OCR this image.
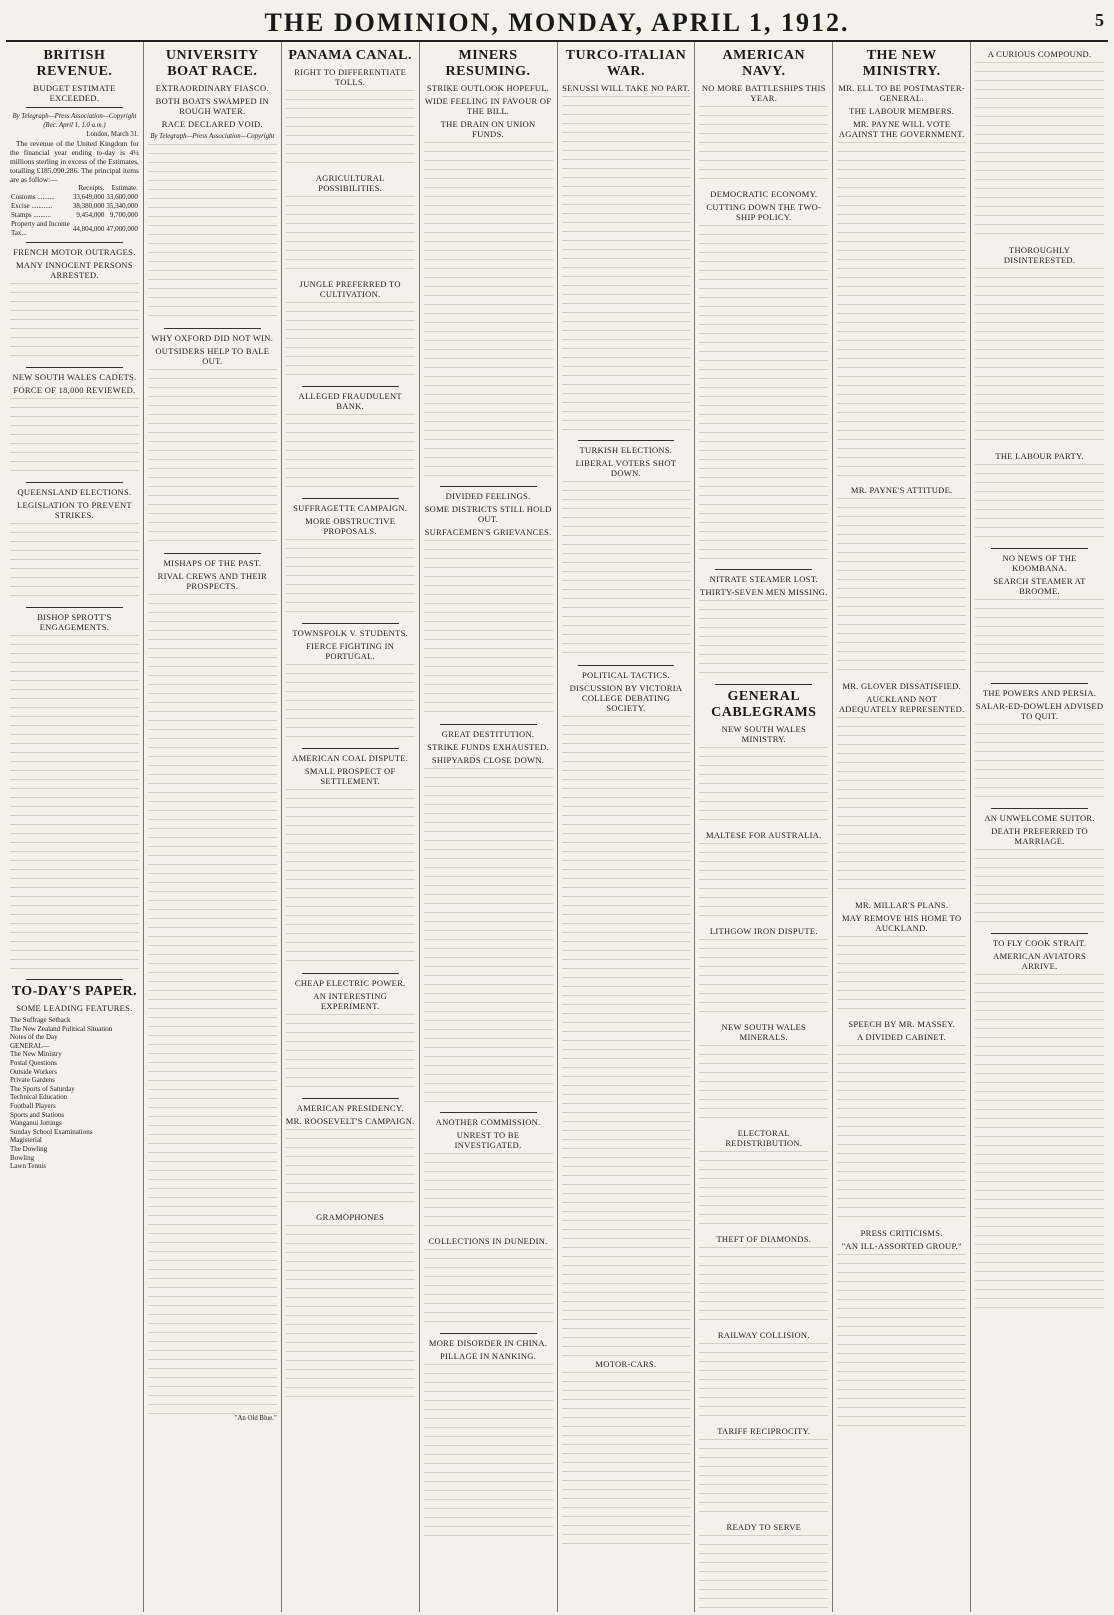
THE DOMINION, MONDAY, APRIL 1, 1912.	5
BRITISH REVENUE.
BUDGET ESTIMATE EXCEEDED.
By Telegraph—Press Association—Copyright
(Rec. April 1, 1.0 a.m.)
London, March 31.
The revenue of the United Kingdom for the financial year ending to-day is 4¼ millions sterling in excess of the Estimates, totalling £185,090,286. The principal items are as follow:—
	Receipts.	Estimate.
Customs ..........	33,649,000	33,600,000
Excise ............	38,380,000	35,340,000
Stamps ..........	9,454,000	9,700,000
Property and Income Tax...	44,804,000	47,000,000
FRENCH MOTOR OUTRAGES.
MANY INNOCENT PERSONS ARRESTED.
NEW SOUTH WALES CADETS.
FORCE OF 18,000 REVIEWED.
QUEENSLAND ELECTIONS.
LEGISLATION TO PREVENT STRIKES.
BISHOP SPROTT'S ENGAGEMENTS.
TO-DAY'S PAPER.
SOME LEADING FEATURES.
The Suffrage Setback
The New Zealand Political Situation
Notes of the Day
GENERAL—
The New Ministry
Postal Questions
Outside Workers
Private Gardens
The Sports of Saturday
Technical Education
Football Players
Sports and Stations
Wanganui Jottings
Sunday School Examinations
Magisterial
The Dowling
Bowling
Lawn Tennis
UNIVERSITY BOAT RACE.
EXTRAORDINARY FIASCO.
BOTH BOATS SWAMPED IN ROUGH WATER.
RACE DECLARED VOID.
By Telegraph—Press Association—Copyright
WHY OXFORD DID NOT WIN.
OUTSIDERS HELP TO BALE OUT.
MISHAPS OF THE PAST.
RIVAL CREWS AND THEIR PROSPECTS.
"An Old Blue."
PANAMA CANAL.
RIGHT TO DIFFERENTIATE TOLLS.
AGRICULTURAL POSSIBILITIES.
JUNGLE PREFERRED TO CULTIVATION.
ALLEGED FRAUDULENT BANK.
SUFFRAGETTE CAMPAIGN.
MORE OBSTRUCTIVE PROPOSALS.
TOWNSFOLK V. STUDENTS.
FIERCE FIGHTING IN PORTUGAL.
AMERICAN COAL DISPUTE.
SMALL PROSPECT OF SETTLEMENT.
CHEAP ELECTRIC POWER.
AN INTERESTING EXPERIMENT.
AMERICAN PRESIDENCY.
MR. ROOSEVELT'S CAMPAIGN.
GRAMOPHONES
MINERS RESUMING.
STRIKE OUTLOOK HOPEFUL.
WIDE FEELING IN FAVOUR OF THE BILL.
THE DRAIN ON UNION FUNDS.
DIVIDED FEELINGS.
SOME DISTRICTS STILL HOLD OUT.
SURFACEMEN'S GRIEVANCES.
GREAT DESTITUTION.
STRIKE FUNDS EXHAUSTED.
SHIPYARDS CLOSE DOWN.
ANOTHER COMMISSION.
UNREST TO BE INVESTIGATED.
COLLECTIONS IN DUNEDIN.
MORE DISORDER IN CHINA.
PILLAGE IN NANKING.
TURCO-ITALIAN WAR.
SENUSSI WILL TAKE NO PART.
TURKISH ELECTIONS.
LIBERAL VOTERS SHOT DOWN.
POLITICAL TACTICS.
DISCUSSION BY VICTORIA COLLEGE DEBATING SOCIETY.
MOTOR-CARS.
AMERICAN NAVY.
NO MORE BATTLESHIPS THIS YEAR.
DEMOCRATIC ECONOMY.
CUTTING DOWN THE TWO-SHIP POLICY.
NITRATE STEAMER LOST.
THIRTY-SEVEN MEN MISSING.
GENERAL CABLEGRAMS
NEW SOUTH WALES MINISTRY.
MALTESE FOR AUSTRALIA.
LITHGOW IRON DISPUTE.
NEW SOUTH WALES MINERALS.
ELECTORAL REDISTRIBUTION.
THEFT OF DIAMONDS.
RAILWAY COLLISION.
TARIFF RECIPROCITY.
READY TO SERVE
THE NEW MINISTRY.
MR. ELL TO BE POSTMASTER-GENERAL.
THE LABOUR MEMBERS.
MR. PAYNE WILL VOTE AGAINST THE GOVERNMENT.
MR. PAYNE'S ATTITUDE.
MR. GLOVER DISSATISFIED.
AUCKLAND NOT ADEQUATELY REPRESENTED.
MR. MILLAR'S PLANS.
MAY REMOVE HIS HOME TO AUCKLAND.
SPEECH BY MR. MASSEY.
A DIVIDED CABINET.
PRESS CRITICISMS.
"AN ILL-ASSORTED GROUP."
A CURIOUS COMPOUND.
THOROUGHLY DISINTERESTED.
THE LABOUR PARTY.
NO NEWS OF THE KOOMBANA.
SEARCH STEAMER AT BROOME.
THE POWERS AND PERSIA.
SALAR-ED-DOWLEH ADVISED TO QUIT.
AN UNWELCOME SUITOR.
DEATH PREFERRED TO MARRIAGE.
TO FLY COOK STRAIT.
AMERICAN AVIATORS ARRIVE.
